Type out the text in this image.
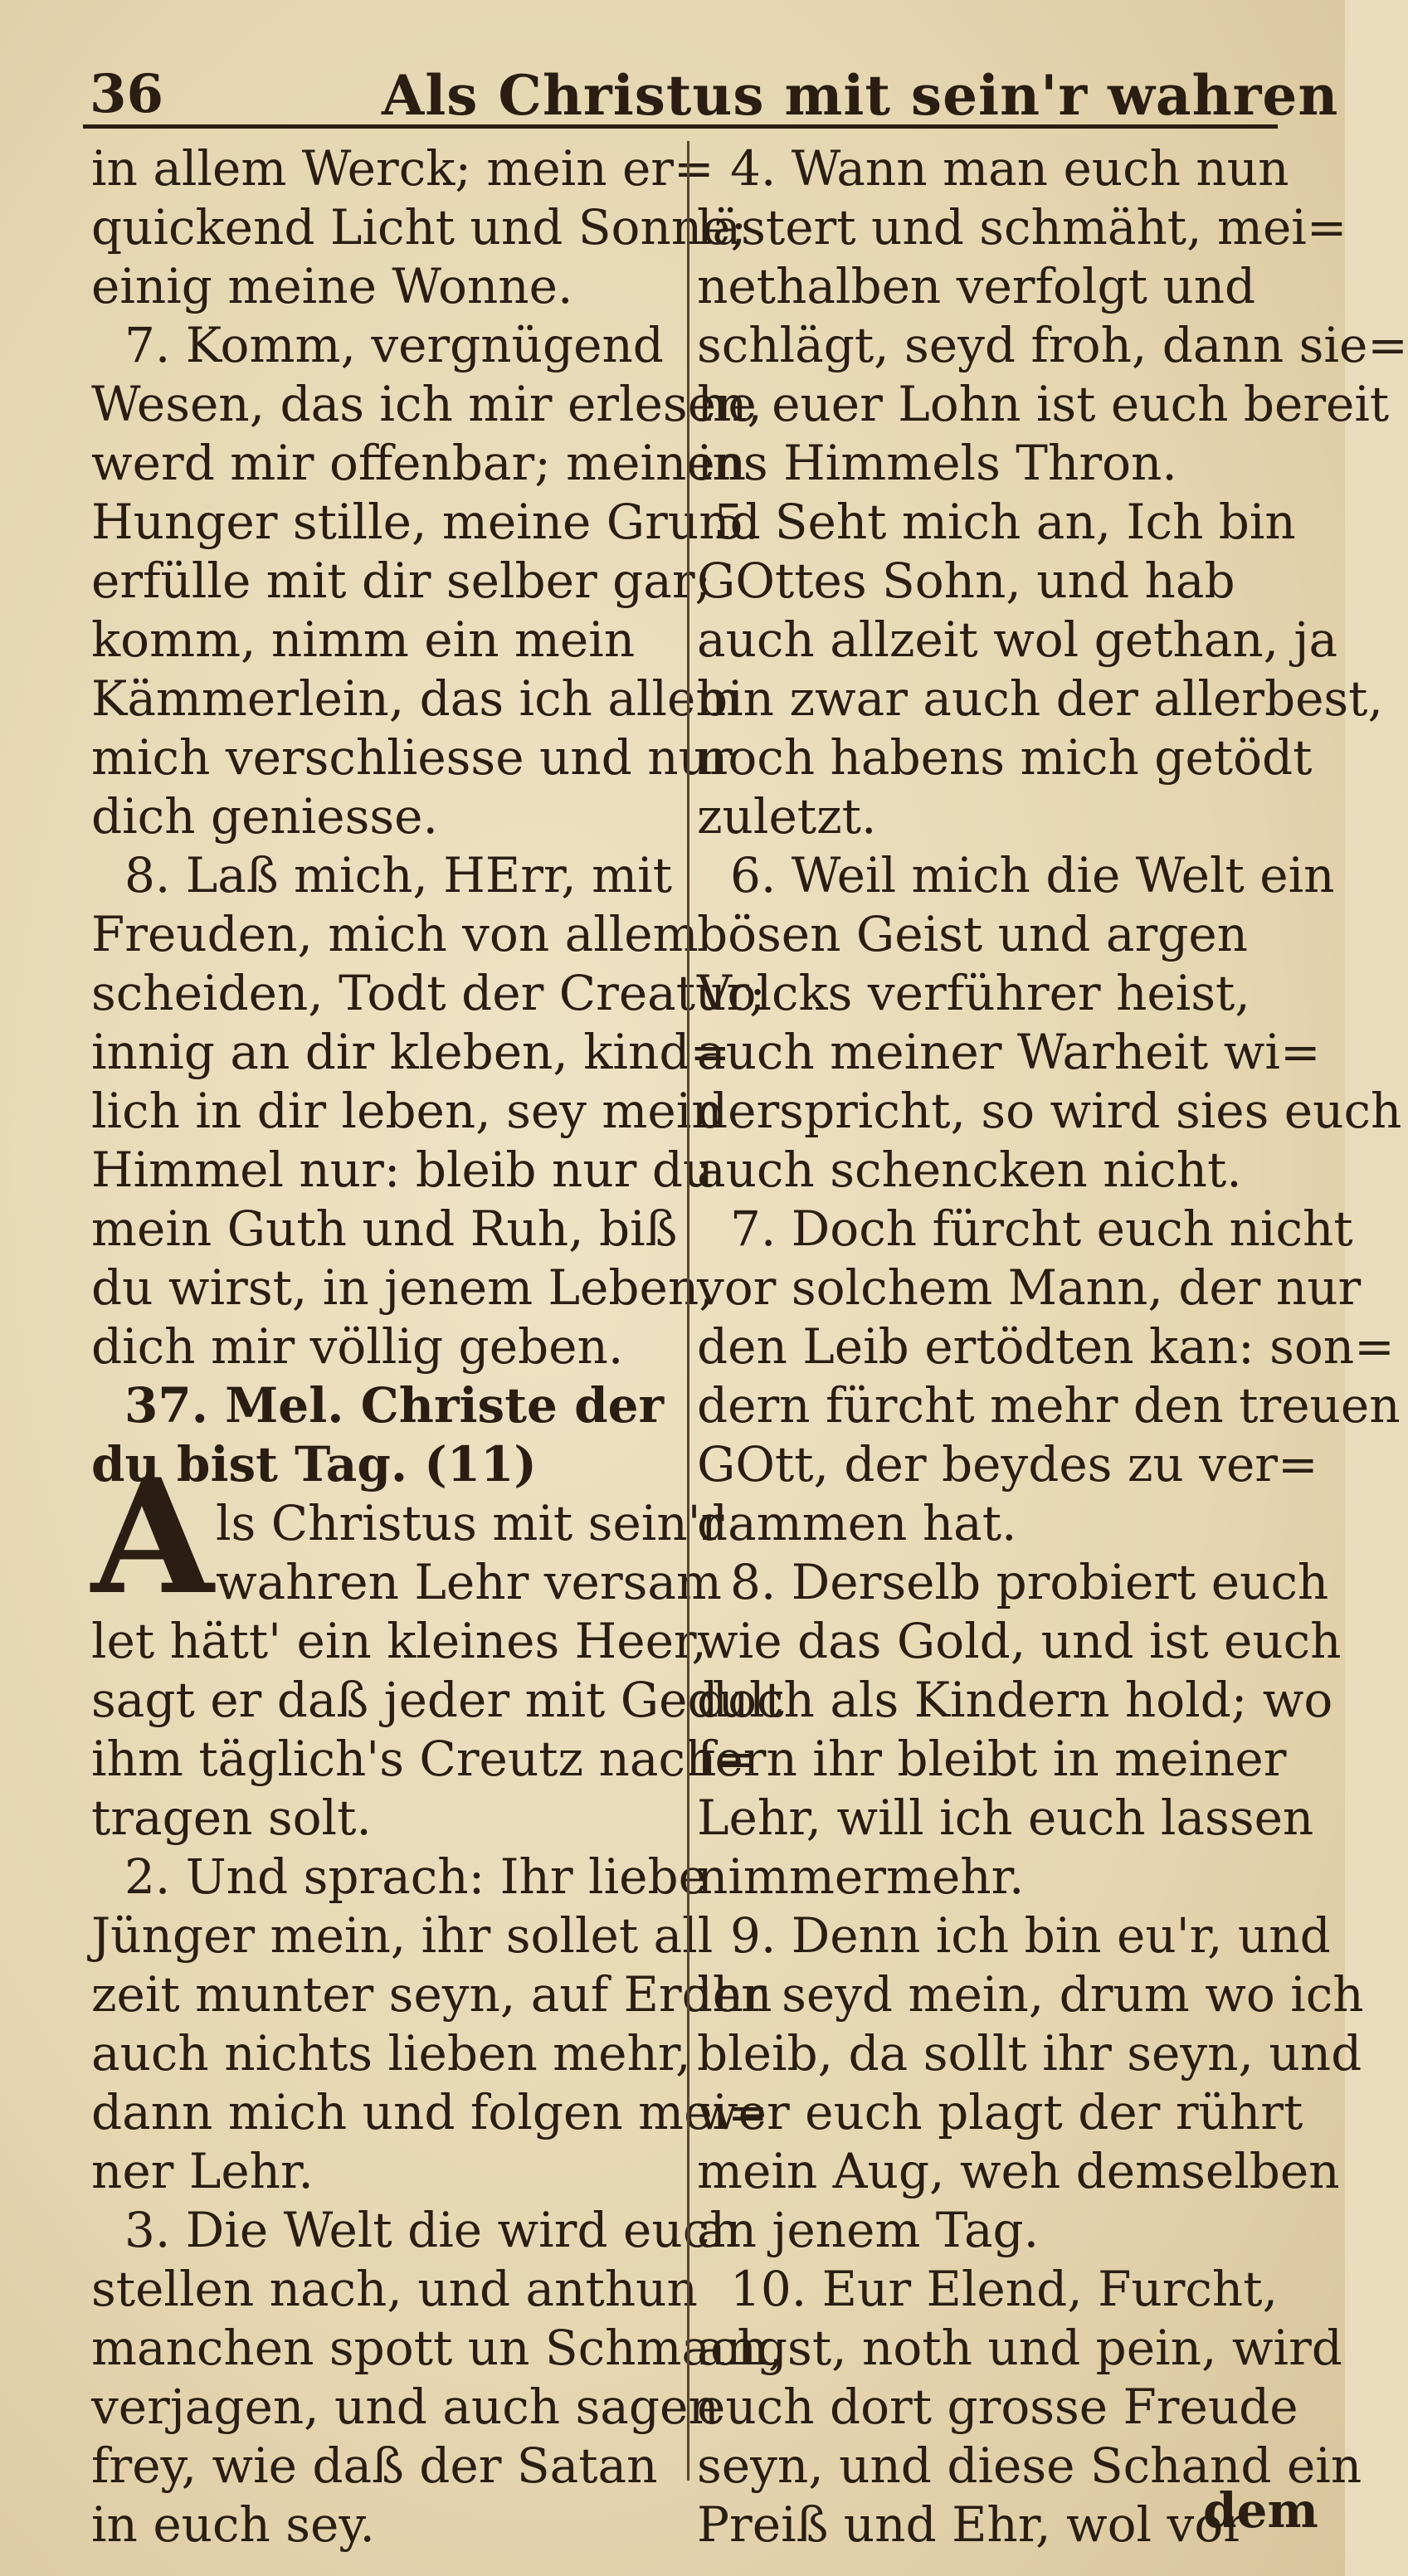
36	Als Christus mit sein'r wahren
in allem Werck; mein er=
quickend Licht und Sonne;
einig meine Wonne.
7. Komm, vergnügend
Wesen, das ich mir erlesen,
werd mir offenbar; meinen
Hunger stille, meine Grund
erfülle mit dir selber gar;
komm, nimm ein mein
Kämmerlein, das ich allem
mich verschliesse und nur
dich geniesse.
8. Laß mich, HErr, mit
Freuden, mich von allem
scheiden, Todt der Creatur;
innig an dir kleben, kind=
lich in dir leben, sey mein
Himmel nur: bleib nur du
mein Guth und Ruh, biß
du wirst, in jenem Leben,
dich mir völlig geben.
37. Mel. Christe der
du bist Tag. (11)
ls Christus mit sein'r
wahren Lehr versam
let hätt' ein kleines Heer,
sagt er daß jeder mit Gedult
ihm täglich's Creutz nach=
tragen solt.
2. Und sprach: Ihr liebe
Jünger mein, ihr sollet all
zeit munter seyn, auf Erden
auch nichts lieben mehr,
dann mich und folgen mei=
ner Lehr.
3. Die Welt die wird euch
stellen nach, und anthun
manchen spott un Schmach,
verjagen, und auch sagen
frey, wie daß der Satan
in euch sey.
4. Wann man euch nun
lästert und schmäht, mei=
nethalben verfolgt und
schlägt, seyd froh, dann sie=
he euer Lohn ist euch bereit
ins Himmels Thron.
5. Seht mich an, Ich bin
GOttes Sohn, und hab
auch allzeit wol gethan, ja
bin zwar auch der allerbest,
noch habens mich getödt
zuletzt.
6. Weil mich die Welt ein
bösen Geist und argen
Volcks verführer heist,
auch meiner Warheit wi=
derspricht, so wird sies euch
auch schencken nicht.
7. Doch fürcht euch nicht
vor solchem Mann, der nur
den Leib ertödten kan: son=
dern fürcht mehr den treuen
GOtt, der beydes zu ver=
dammen hat.
8. Derselb probiert euch
wie das Gold, und ist euch
doch als Kindern hold; wo
fern ihr bleibt in meiner
Lehr, will ich euch lassen
nimmermehr.
9. Denn ich bin eu'r, und
ihr seyd mein, drum wo ich
bleib, da sollt ihr seyn, und
wer euch plagt der rührt
mein Aug, weh demselben
an jenem Tag.
10. Eur Elend, Furcht,
angst, noth und pein, wird
euch dort grosse Freude
seyn, und diese Schand ein
Preiß und Ehr, wol vor
A
dem
